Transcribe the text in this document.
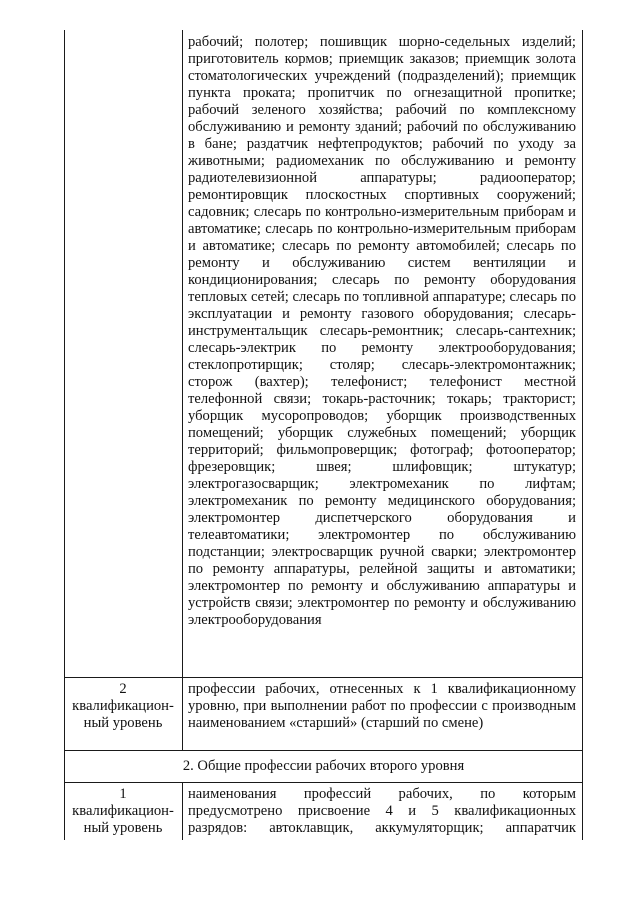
рабочий; полотер; пошивщик шорно-седельных изделий; приготовитель кормов; приемщик заказов; приемщик золота стоматологических учреждений (подразделений); приемщик пункта проката; пропитчик по огнезащитной пропитке; рабочий зеленого хозяйства; рабочий по комплексному обслуживанию и ремонту зданий; рабочий по обслуживанию в бане; раздатчик нефтепродуктов; рабочий по уходу за животными; радиомеханик по обслуживанию и ремонту радиотелевизионной аппаратуры; радиооператор; ремонтировщик плоскостных спортивных сооружений; садовник; слесарь по контрольно-измерительным приборам и автоматике; слесарь по контрольно-измерительным приборам и автоматике; слесарь по ремонту автомобилей; слесарь по ремонту и обслуживанию систем вентиляции и кондиционирования; слесарь по ремонту оборудования тепловых сетей; слесарь по топливной аппаратуре; слесарь по эксплуатации и ремонту газового оборудования; слесарь-инструментальщик слесарь-ремонтник; слесарь-сантехник; слесарь-электрик по ремонту электрооборудования; стеклопротирщик; столяр; слесарь-электромонтажник; сторож (вахтер); телефонист; телефонист местной телефонной связи; токарь-расточник; токарь; тракторист; уборщик мусоропроводов; уборщик производственных помещений; уборщик служебных помещений; уборщик территорий; фильмопроверщик; фотограф; фотооператор; фрезеровщик; швея; шлифовщик; штукатур; электрогазосварщик; электромеханик по лифтам; электромеханик по ремонту медицинского оборудования; электромонтер диспетчерского оборудования и телеавтоматики; электромонтер по обслуживанию подстанции; электросварщик ручной сварки; электромонтер по ремонту аппаратуры, релейной защиты и автоматики; электромонтер по ремонту и обслуживанию аппаратуры и устройств связи; электромонтер по ремонту и обслуживанию электрооборудования
2
квалификацион-
ный уровень
профессии рабочих, отнесенных к 1 квалификационному уровню, при выполнении работ по профессии с производным наименованием «старший» (старший по смене)
2. Общие профессии рабочих второго уровня
1
квалификацион-
ный уровень
наименования профессий рабочих, по которым предусмотрено присвоение 4 и 5 квалификационных разрядов: автоклавщик, аккумуляторщик; аппаратчик
